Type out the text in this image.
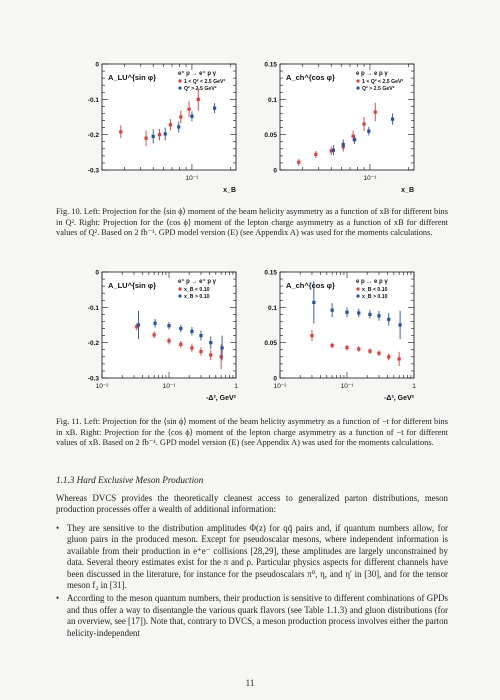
10⁻¹
0
-0.1
-0.2
-0.3
x_B
A_LU^{sin φ}	e⁺ p → e⁺ p γ
1 < Q² < 2.5 GeV²
Q² > 2.5 GeV²
10⁻¹
0.15
0.1
0.05
0
x_B
A_ch^{cos φ}	e p → e p γ
1 < Q² < 2.5 GeV²
Q² > 2.5 GeV²
Fig. 10. Left: Projection for the ⟨sin ϕ⟩ moment of the beam helicity asymmetry as a function of xB for different bins in Q². Right: Projection for the ⟨cos ϕ⟩ moment of the lepton charge asymmetry as a function of xB for different values of Q². Based on 2 fb⁻¹. GPD model version (E) (see Appendix A) was used for the moments calculations.
10⁻²	10⁻¹	1
0
-0.1
-0.2
-0.3
-Δ², GeV²
A_LU^{sin φ}	e⁺ p → e⁺ p γ
x_B < 0.10
x_B > 0.10
10⁻²	10⁻¹	1
0.15
0.1
0.05
0
-Δ², GeV²
A_ch^{cos φ}	e p → e p γ
x_B < 0.10
x_B > 0.10
Fig. 11. Left: Projection for the ⟨sin ϕ⟩ moment of the beam helicity asymmetry as a function of −t for different bins in xB. Right: Projection for the ⟨cos ϕ⟩ moment of the lepton charge asymmetry as a function of −t for different values of xB. Based on 2 fb⁻¹. GPD model version (E) (see Appendix A) was used for the moments calculations.
1.1.3 Hard Exclusive Meson Production
Whereas DVCS provides the theoretically cleanest access to generalized parton distributions, meson production processes offer a wealth of additional information:
• They are sensitive to the distribution amplitudes Φ(z) for qq̄ pairs and, if quantum numbers allow, for gluon pairs in the produced meson. Except for pseudoscalar mesons, where independent information is available from their production in e⁺e⁻ collisions [28,29], these amplitudes are largely unconstrained by data. Several theory estimates exist for the π and ρ. Particular physics aspects for different channels have been discussed in the literature, for instance for the pseudoscalars π⁰, η, and η′ in [30], and for the tensor meson f₂ in [31].
• According to the meson quantum numbers, their production is sensitive to different combinations of GPDs and thus offer a way to disentangle the various quark flavors (see Table 1.1.3) and gluon distributions (for an overview, see [17]). Note that, contrary to DVCS, a meson production process involves either the parton helicity-independent
11
